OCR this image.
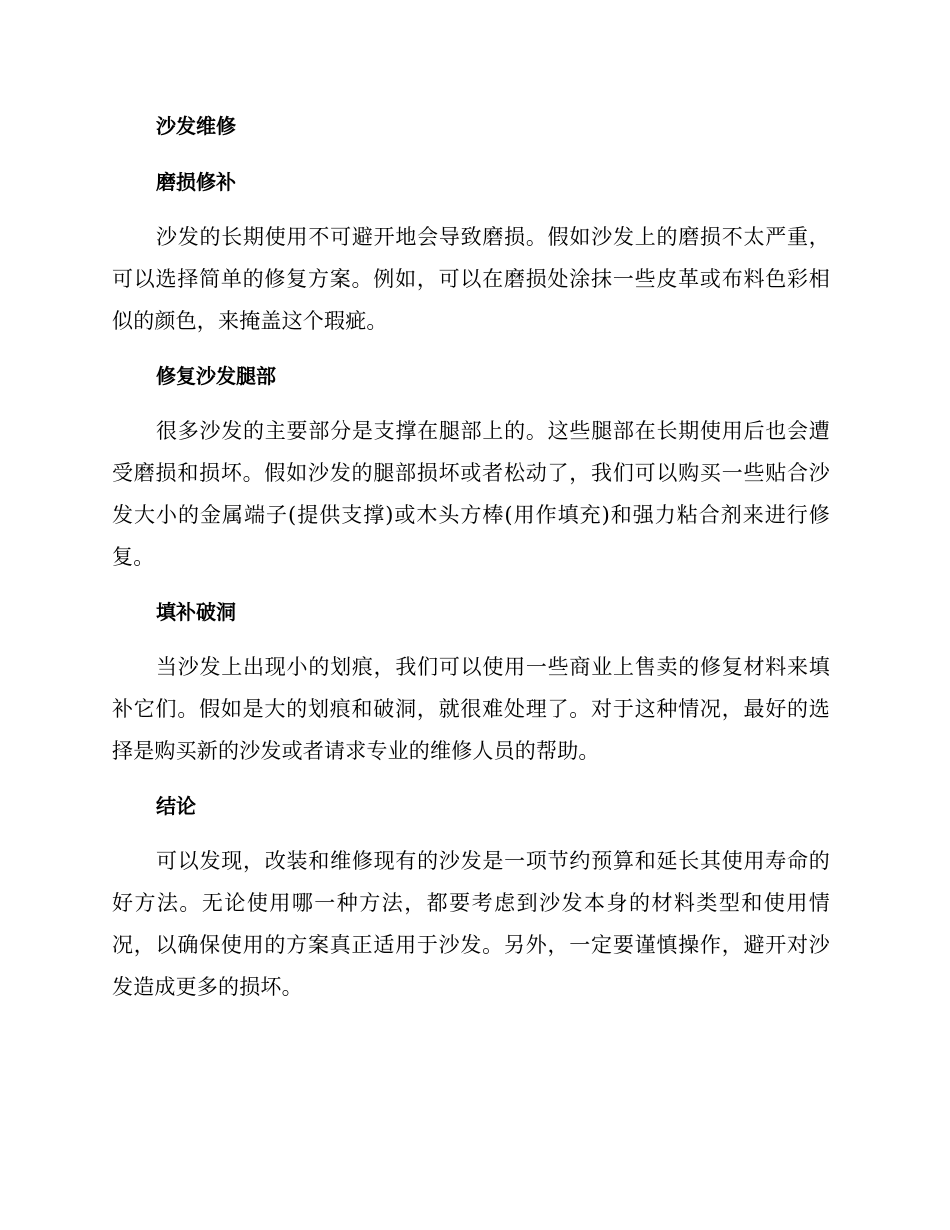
沙发维修
磨损修补

沙发的长期使用不可避开地会导致磨损。假如沙发上的磨损不太严重，可以选择简单的修复方案。例如，可以在磨损处涂抹一些皮革或布料色彩相似的颜色，来掩盖这个瑕疵。

修复沙发腿部

很多沙发的主要部分是支撑在腿部上的。这些腿部在长期使用后也会遭受磨损和损坏。假如沙发的腿部损坏或者松动了，我们可以购买一些贴合沙发大小的金属端子(提供支撑)或木头方棒(用作填充)和强力粘合剂来进行修复。

填补破洞

当沙发上出现小的划痕，我们可以使用一些商业上售卖的修复材料来填补它们。假如是大的划痕和破洞，就很难处理了。对于这种情况，最好的选择是购买新的沙发或者请求专业的维修人员的帮助。

结论

可以发现，改装和维修现有的沙发是一项节约预算和延长其使用寿命的好方法。无论使用哪一种方法，都要考虑到沙发本身的材料类型和使用情况，以确保使用的方案真正适用于沙发。另外，一定要谨慎操作，避开对沙发造成更多的损坏。
